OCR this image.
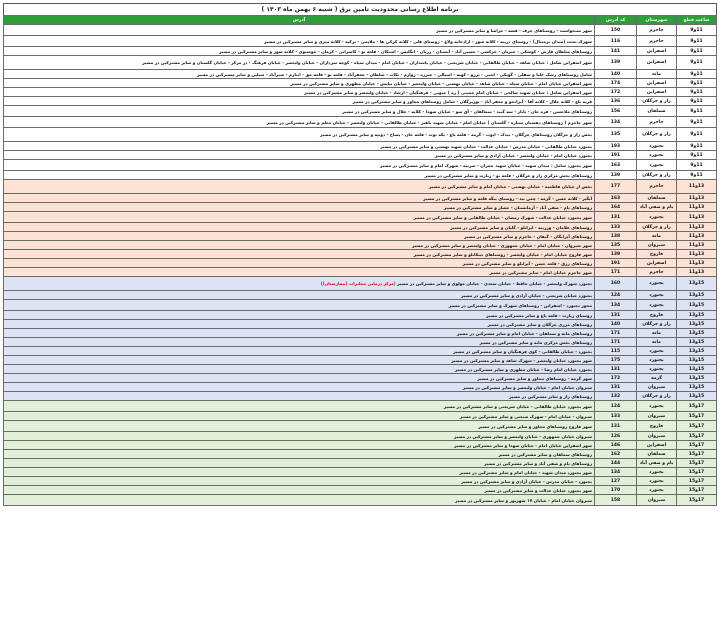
برنامه اطلاع رسانی محدودیت تامین برق ( شنبه ۶ بهمن ماه ۱۴۰۳ )
ساعت قطع	شهرستان	کد آدرس	آدرس
11و9	جاجرم	150	شهر سنخواست - روستاهای جرف - قشه - خراشا و سایر مشترکین در مسیر
11و9	جاجرم	116	شهرک بعثت (میدان ترمینال) - روستای درینه - کلاته شور - ازادخانه ولاغ - روستای قلی - کلاته کرکی ها - ملایمی - ترکیه - کلاته میری و سایر مشترکین در مسیر
11و9	اسفراین	141	روستاهای سلطان فارس - کوشکی - خیرتان - خرکشی - حسین آباد - آبستان - زرتان - انگلیس - استکان - قلعه نو - کاسرابی - کرمان - خوشبوی - کلاته شور و سایر مشترکین در مسیر
11و9	اسفراین	139	شهر اسفراین شامل : خیابان شاهد - خیابان طالقانی - خیابان شریعتی - خیابان پاسداران - خیابان امام - میدان سپاه - کوچه سرداران - خیابان ولیعصر - خیابان فرهنگ - در مرکز - خیابان گلستان و سایر مشترکین در مسیر
11و9	مانه	140	شامل روستاهای رشک علیا و سفلی - گونکی - لجنی - برزو - کهنه - اسپالی - جبرزه - زوارم - تکاب - سلطان - جعفرآباد - قلعه نو - قلعه جق - انبارم - شیرآباد - سیلین و سایر مشترکین در مسیر
11و9	اسفراین	174	شهر اسفراین خیابان امام - خیابان سپاه - خیابان شاهد - خیابان بهشتی - خیابان ولیعصر - خیابان نیایش - خیابان مطهری و سایر مشترکین در مسیر
11و9	اسفراین	172	شهر اسفراین شامل : خیابان شهید صالحی - خیابان امام خمینی ( ره ) جنوبی - فرهنگیان - ارشاد - خیابان ولیعصر و سایر مشترکین در مسیر
11و9	راز و جرگلان	136	قریه باغ - کلاته جلال - کلاته آقا - آیرانخو و جعفر آباد - بوربرگلان - شامل روستاهای مجاور و سایر مشترکین در مسیر
11و9	سملقان	156	روستاهای ملاحسن - قره خان - تاتار - سه گنبد - سمالقان - آق سو - خیابان شهدا - کلاته - جلال و سایر مشترکین در مسیر
11و9	جاجرم	134	شهر جاجرم ( روستاهای دهستان ستاره - گلستان ) خیابان امام - خیابان شهید باهنر - خیابان طالقانی - خیابان ولیعصر - خیابان معلم و سایر مشترکین در مسیر
11و9	راز و جرگلان	135	بخش راز و جرگلان روستاهای جرگلان - بیدک - ایوب - گرمه - قلعه باغ - یکه توت - قلعه خان - پساخ - دوتپه و سایر مشترکین در مسیر
11و9	بجنورد	193	بجنورد خیابان طالقانی - خیابان مدرس - خیابان عدالت - خیابان شهید بهشتی و سایر مشترکین در مسیر
11و9	بجنورد	191	بجنورد خیابان امام - خیابان ولیعصر - خیابان آزادی و سایر مشترکین در مسیر
11و9	بجنورد	163	شهر بجنورد شامل : میدان شهید - خیابان شهید چمران - سرتپه - شهرک امام و سایر مشترکین در مسیر
11و9	راز و جرگلان	139	روستاهای بخش مرکزی راز و جرگلان - قلعه نو - زیارت و سایر مشترکین در مسیر
13و11	جاجرم	177	بخش از خیابان فاطمیه - خیابان بهشتی - خیابان امام و سایر مشترکین در مسیر
13و11	سملقان	163	آبگیر - کلاته حسن - گرمه - چمن بید - روستای ینگه قلعه و سایر مشترکین در مسیر
13و11	بام و صفی آباد	164	روستاهای بام - صفی آباد - آرمانستان - حصار و سایر مشترکین در مسیر
13و11	بجنورد	131	شهر بجنورد خیابان عدالت - شهرک رمضان - خیابان طالقانی و سایر مشترکین در مسیر
13و11	راز و جرگلان	133	روستاهای غلامان - ورزینه - ایرانلو - گلیان و سایر مشترکین در مسیر
13و11	مانه	138	روستاهای آیرانگان - گیفان - جاجرم و سایر مشترکین در مسیر
13و11	شیروان	135	شهر شیروان - خیابان امام - خیابان جمهوری - خیابان ولیعصر و سایر مشترکین در مسیر
13و11	فاروج	139	شهر فاروج خیابان امام - خیابان ولیعصر - روستاهای تیتکانلو و سایر مشترکین در مسیر
13و11	اسفراین	191	روستاهای زرق - قلعه حسن - آیرانلو و سایر مشترکین در مسیر
13و11	جاجرم	171	شهر جاجرم خیابان امام - سایر مشترکین در مسیر
15و13	بجنورد	160	بجنورد شهرک ولیعصر - خیابان حافظ - خیابان سعدی - خیابان مولوی و سایر مشترکین در مسیر (مرکز درمانی مخابرات (بیمارستان))
15و13	بجنورد	124	بجنورد خیابان شریعتی - خیابان آزادی و سایر مشترکین در مسیر
15و13	بجنورد	134	محور بجنورد - اسفراین - روستاهای شهرک و سایر مشترکین در مسیر
15و13	فاروج	131	روستای زیارت - قلعه باغ و سایر مشترکین در مسیر
15و13	راز و جرگلان	140	روستاهای مرزی جرگلان و سایر مشترکین در مسیر
15و13	مانه	171	روستاهای مانه و سملقان - خیابان امام و سایر مشترکین در مسیر
15و13	مانه	171	روستاهای بخش مرکزی مانه و سایر مشترکین در مسیر
15و13	بجنورد	115	بجنورد - خیابان طالقانی - کوی فرهنگیان و سایر مشترکین در مسیر
15و13	بجنورد	175	شهر بجنورد خیابان ولیعصر - شهرک شاهد و سایر مشترکین در مسیر
15و13	بجنورد	131	بجنورد خیابان امام رضا - خیابان مطهری و سایر مشترکین در مسیر
15و13	گرمه	172	شهر گرمه - روستاهای مجاور و سایر مشترکین در مسیر
15و13	شیروان	131	شیروان خیابان امام - خیابان ولیعصر و سایر مشترکین در مسیر
15و13	راز و جرگلان	132	روستاهای راز و سایر مشترکین در مسیر
17و15	بجنورد	124	شهر بجنورد خیابان طالقانی - خیابان شریعتی و سایر مشترکین در مسیر
17و15	شیروان	133	شیروان - خیابان امام - شهرک صنعتی و سایر مشترکین در مسیر
17و15	فاروج	131	شهر فاروج روستاهای مجاور و سایر مشترکین در مسیر
17و15	شیروان	126	شیروان خیابان جمهوری - خیابان ولیعصر و سایر مشترکین در مسیر
17و15	اسفراین	146	شهر اسفراین خیابان امام - خیابان شهدا و سایر مشترکین در مسیر
17و15	سملقان	162	روستاهای سملقان و سایر مشترکین در مسیر
17و15	بام و صفی آباد	144	روستاهای بام و صفی آباد و سایر مشترکین در مسیر
17و15	بجنورد	134	شهر بجنورد میدان شهید - خیابان امام و سایر مشترکین در مسیر
17و15	بجنورد	127	بجنورد - خیابان مدرس - خیابان آزادی و سایر مشترکین در مسیر
17و15	بجنورد	170	شهر بجنورد خیابان عدالت و سایر مشترکین در مسیر
17و15	شیروان	158	شیروان خیابان امام - خیابان ۱۷ شهریور و سایر مشترکین در مسیر
